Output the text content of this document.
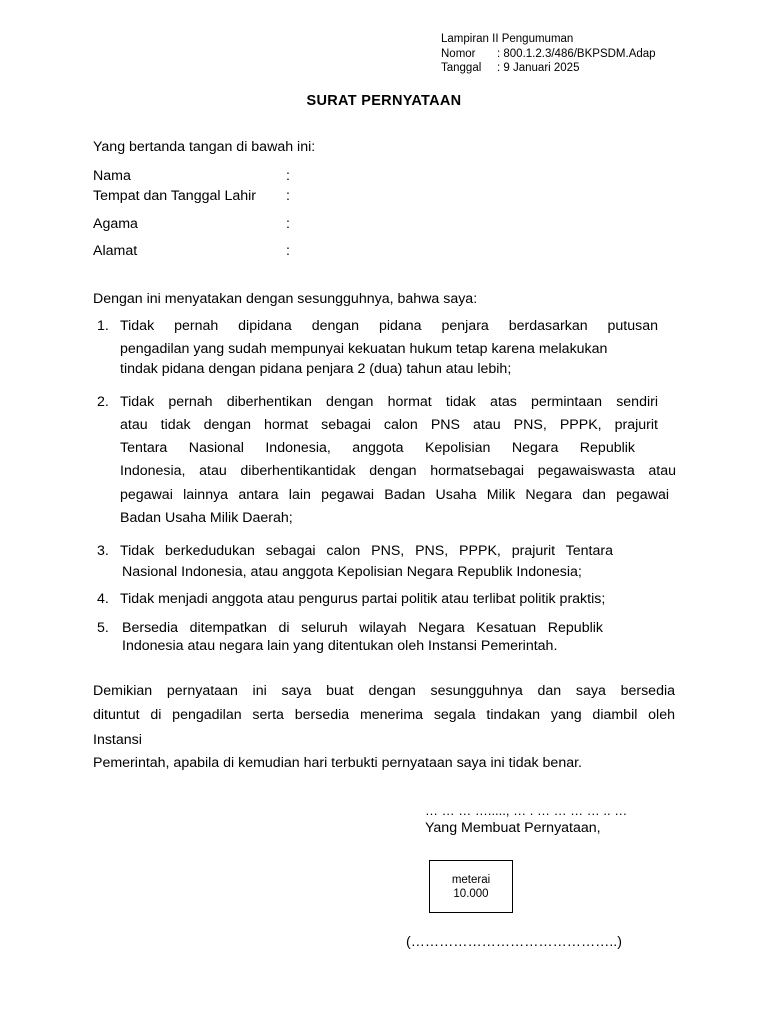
Lampiran II Pengumuman
Nomor : 800.1.2.3/486/BKPSDM.Adap
Tanggal : 9 Januari 2025
SURAT PERNYATAAN
Yang bertanda tangan di bawah ini:
Nama	:
Tempat dan Tanggal Lahir :
Agama	:
Alamat	:
Dengan ini menyatakan dengan sesungguhnya, bahwa saya:
1. Tidak pernah dipidana dengan pidana penjara berdasarkan putusan
pengadilan yang sudah mempunyai kekuatan hukum tetap karena melakukan
tindak pidana dengan pidana penjara 2 (dua) tahun atau lebih;
2. Tidak pernah diberhentikan dengan hormat tidak atas permintaan sendiri
atau tidak dengan hormat sebagai calon PNS atau PNS, PPPK, prajurit
Tentara Nasional Indonesia, anggota Kepolisian Negara Republik
Indonesia, atau diberhentikantidak dengan hormatsebagai pegawaiswasta atau
pegawai lainnya antara lain pegawai Badan Usaha Milik Negara dan pegawai
Badan Usaha Milik Daerah;
3. Tidak berkedudukan sebagai calon PNS, PNS, PPPK, prajurit Tentara
Nasional Indonesia, atau anggota Kepolisian Negara Republik Indonesia;
4. Tidak menjadi anggota atau pengurus partai politik atau terlibat politik praktis;
5. Bersedia ditempatkan di seluruh wilayah Negara Kesatuan Republik
Indonesia atau negara lain yang ditentukan oleh Instansi Pemerintah.
Demikian pernyataan ini saya buat dengan sesungguhnya dan saya bersedia
dituntut di pengadilan serta bersedia menerima segala tindakan yang diambil oleh
Instansi
Pemerintah, apabila di kemudian hari terbukti pernyataan saya ini tidak benar.
… … … …....., … . … … … … .. …
Yang Membuat Pernyataan,
meterai
10.000
(……………………………………..)
